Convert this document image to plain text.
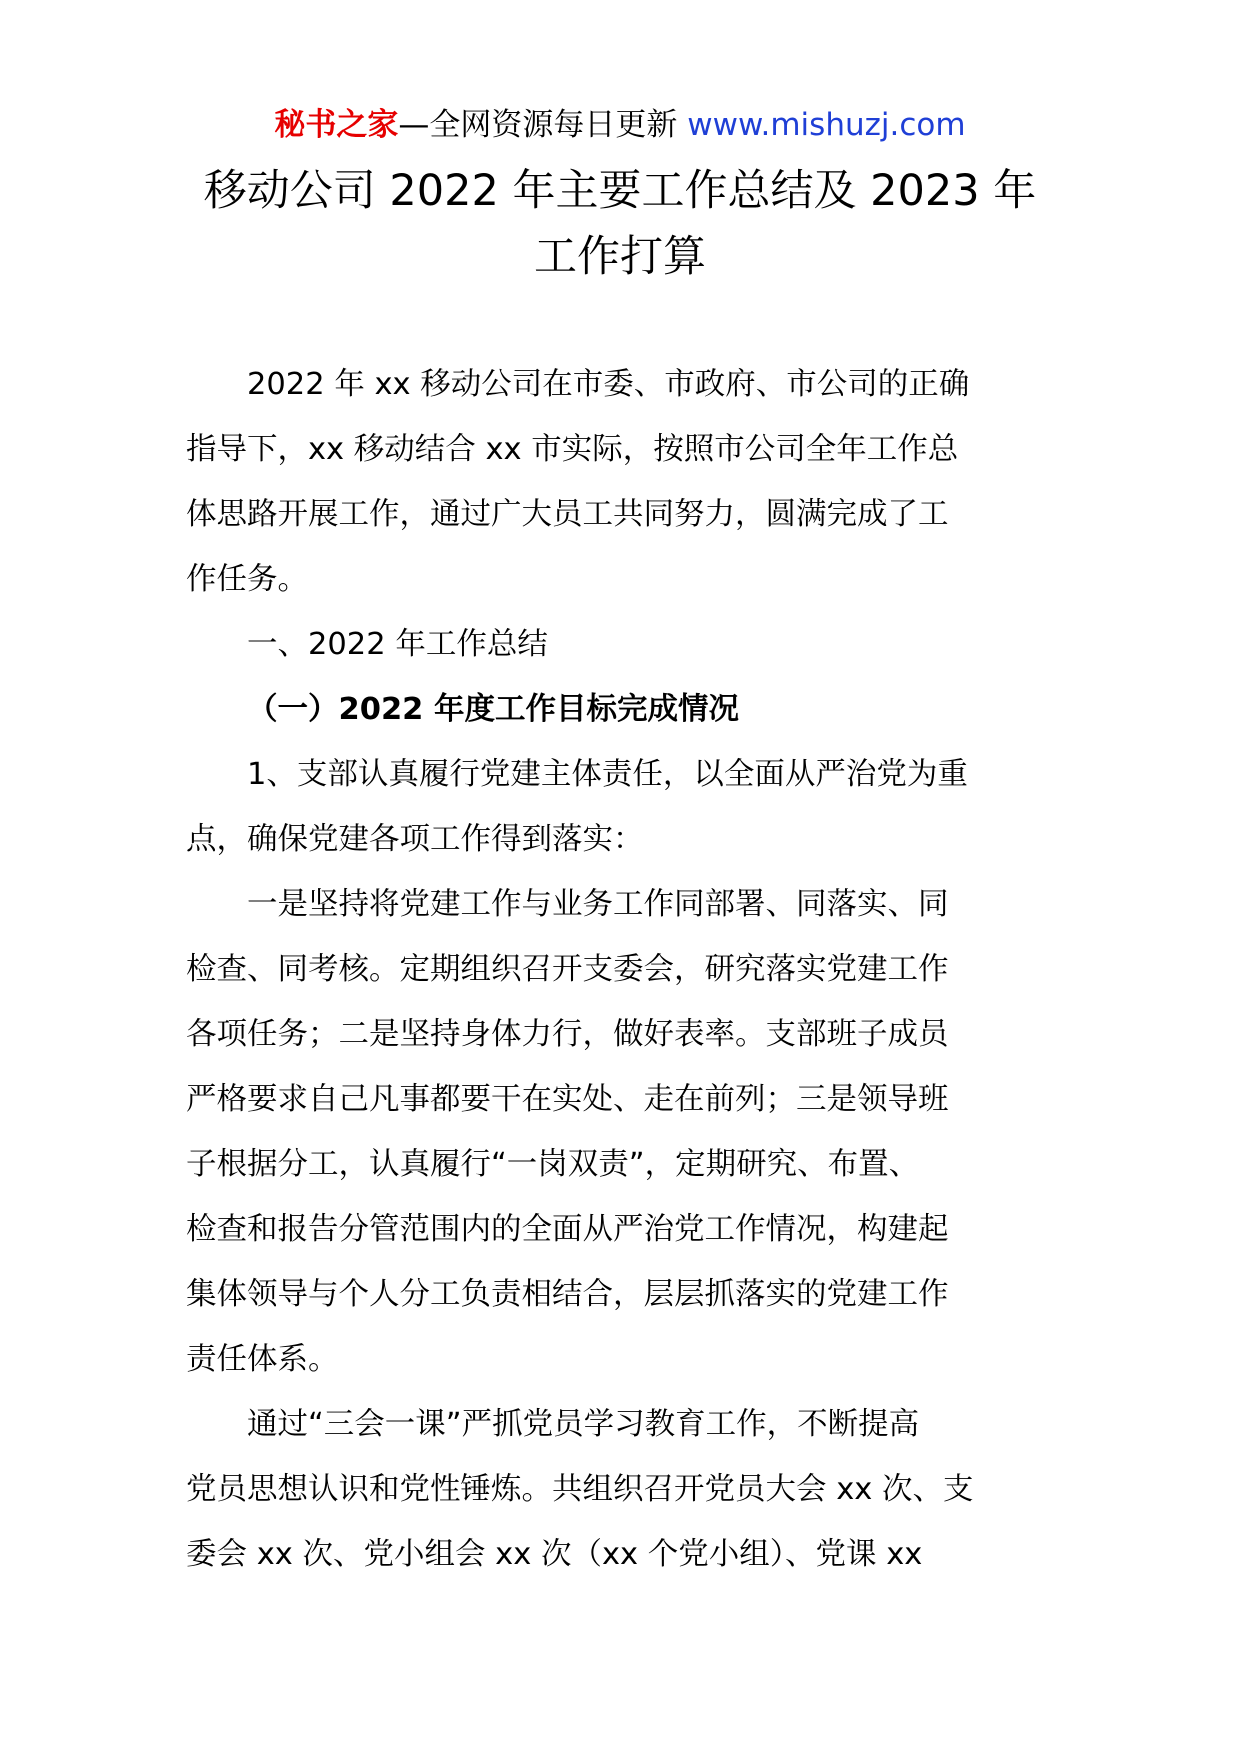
秘书之家—全网资源每日更新 www.mishuzj.com
移动公司 2022 年主要工作总结及 2023 年
工作打算

2022 年 xx 移动公司在市委、市政府、市公司的正确
指导下，xx 移动结合 xx 市实际，按照市公司全年工作总
体思路开展工作，通过广大员工共同努力，圆满完成了工
作任务。

一、2022 年工作总结
（一）2022 年度工作目标完成情况

1、支部认真履行党建主体责任，以全面从严治党为重
点，确保党建各项工作得到落实：

一是坚持将党建工作与业务工作同部署、同落实、同
检查、同考核。定期组织召开支委会，研究落实党建工作
各项任务；二是坚持身体力行，做好表率。支部班子成员
严格要求自己凡事都要干在实处、走在前列；三是领导班
子根据分工，认真履行“一岗双责”，定期研究、布置、
检查和报告分管范围内的全面从严治党工作情况，构建起
集体领导与个人分工负责相结合，层层抓落实的党建工作
责任体系。

通过“三会一课”严抓党员学习教育工作，不断提高
党员思想认识和党性锤炼。共组织召开党员大会 xx 次、支
委会 xx 次、党小组会 xx 次（xx 个党小组）、党课 xx
